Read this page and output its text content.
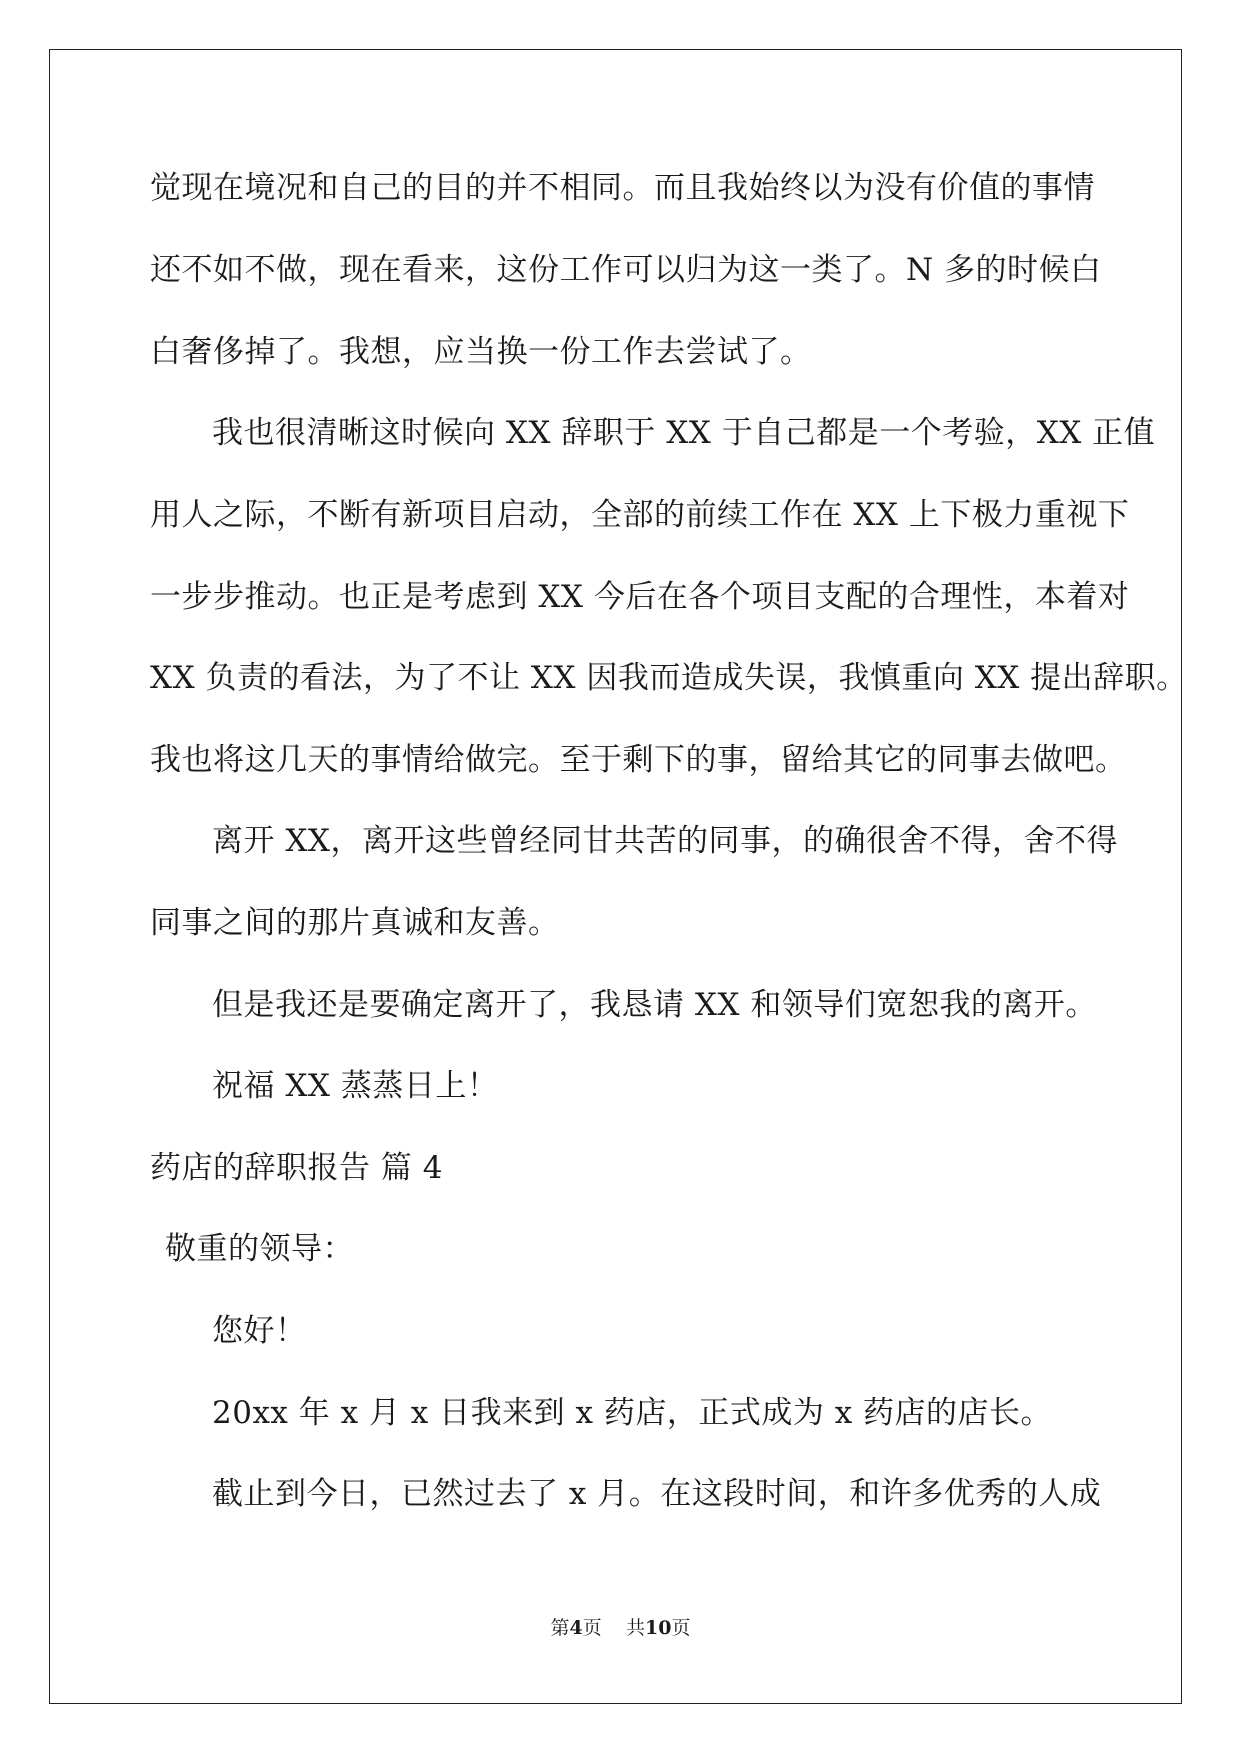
觉现在境况和自己的目的并不相同。而且我始终以为没有价值的事情
还不如不做，现在看来，这份工作可以归为这一类了。N 多的时候白
白奢侈掉了。我想，应当换一份工作去尝试了。
我也很清晰这时候向 XX 辞职于 XX 于自己都是一个考验，XX 正值
用人之际，不断有新项目启动，全部的前续工作在 XX 上下极力重视下
一步步推动。也正是考虑到 XX 今后在各个项目支配的合理性，本着对
XX 负责的看法，为了不让 XX 因我而造成失误，我慎重向 XX 提出辞职。
我也将这几天的事情给做完。至于剩下的事，留给其它的同事去做吧。
离开 XX，离开这些曾经同甘共苦的同事，的确很舍不得，舍不得
同事之间的那片真诚和友善。
但是我还是要确定离开了，我恳请 XX 和领导们宽恕我的离开。
祝福 XX 蒸蒸日上！
药店的辞职报告 篇 4
敬重的领导：
您好！
20xx 年 x 月 x 日我来到 x 药店，正式成为 x 药店的店长。
截止到今日，已然过去了 x 月。在这段时间，和许多优秀的人成
第4页 共10页
